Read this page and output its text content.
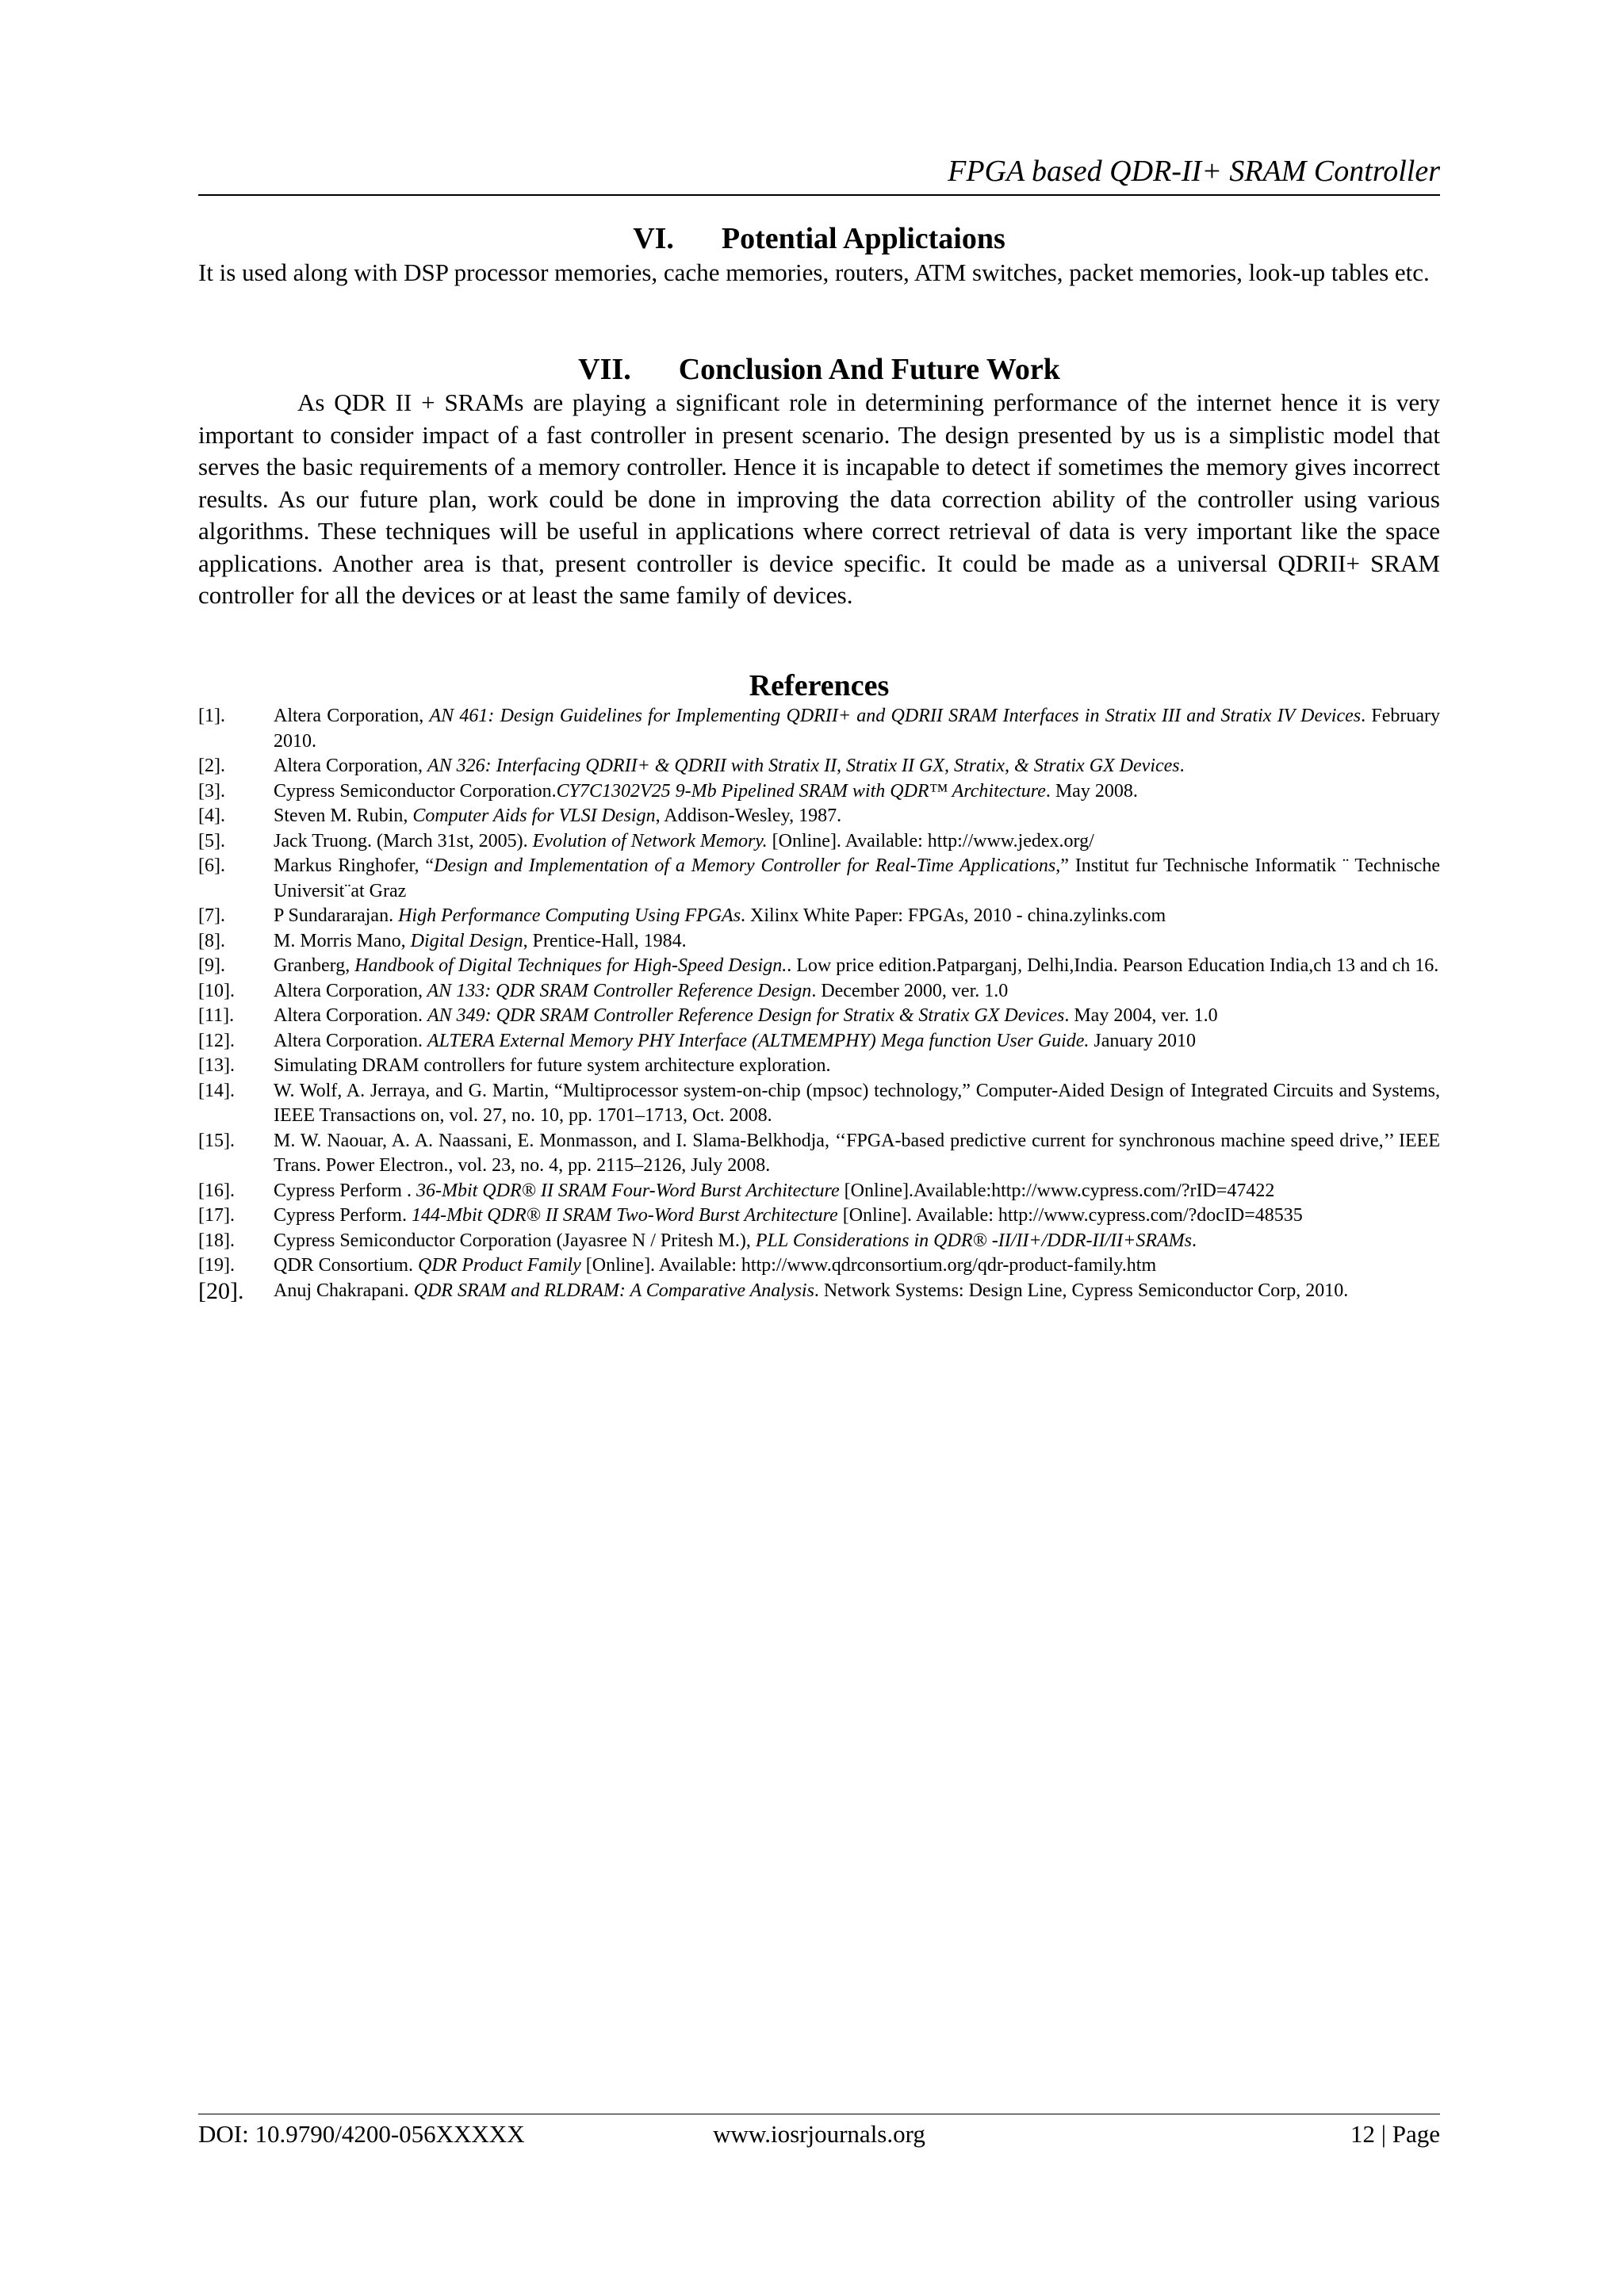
FPGA based QDR-II+ SRAM Controller
VI. Potential Applictaions
It is used along with DSP processor memories, cache memories, routers, ATM switches, packet memories, look-up tables etc.
VII. Conclusion And Future Work
As QDR II + SRAMs are playing a significant role in determining performance of the internet hence it is very important to consider impact of a fast controller in present scenario. The design presented by us is a simplistic model that serves the basic requirements of a memory controller. Hence it is incapable to detect if sometimes the memory gives incorrect results. As our future plan, work could be done in improving the data correction ability of the controller using various algorithms. These techniques will be useful in applications where correct retrieval of data is very important like the space applications. Another area is that, present controller is device specific. It could be made as a universal QDRII+ SRAM controller for all the devices or at least the same family of devices.
References
[1].	Altera Corporation, AN 461: Design Guidelines for Implementing QDRII+ and QDRII SRAM Interfaces in Stratix III and Stratix IV Devices. February 2010.
[2].	Altera Corporation, AN 326: Interfacing QDRII+ & QDRII with Stratix II, Stratix II GX, Stratix, & Stratix GX Devices.
[3].	Cypress Semiconductor Corporation.CY7C1302V25 9-Mb Pipelined SRAM with QDR™ Architecture. May 2008.
[4].	Steven M. Rubin, Computer Aids for VLSI Design, Addison-Wesley, 1987.
[5].	Jack Truong. (March 31st, 2005). Evolution of Network Memory. [Online]. Available: http://www.jedex.org/
[6].	Markus Ringhofer, “Design and Implementation of a Memory Controller for Real-Time Applications,” Institut fur Technische Informatik ¨ Technische Universit¨at Graz
[7].	P Sundararajan. High Performance Computing Using FPGAs. Xilinx White Paper: FPGAs, 2010 - china.zylinks.com
[8].	M. Morris Mano, Digital Design, Prentice-Hall, 1984.
[9].	Granberg, Handbook of Digital Techniques for High-Speed Design.. Low price edition.Patparganj, Delhi,India. Pearson Education India,ch 13 and ch 16.
[10].	Altera Corporation, AN 133: QDR SRAM Controller Reference Design. December 2000, ver. 1.0
[11].	Altera Corporation. AN 349: QDR SRAM Controller Reference Design for Stratix & Stratix GX Devices. May 2004, ver. 1.0
[12].	Altera Corporation. ALTERA External Memory PHY Interface (ALTMEMPHY) Mega function User Guide. January 2010
[13].	Simulating DRAM controllers for future system architecture exploration.
[14].	W. Wolf, A. Jerraya, and G. Martin, “Multiprocessor system-on-chip (mpsoc) technology,” Computer-Aided Design of Integrated Circuits and Systems, IEEE Transactions on, vol. 27, no. 10, pp. 1701–1713, Oct. 2008.
[15].	M. W. Naouar, A. A. Naassani, E. Monmasson, and I. Slama-Belkhodja, ‘‘FPGA-based predictive current for synchronous machine speed drive,’’ IEEE Trans. Power Electron., vol. 23, no. 4, pp. 2115–2126, July 2008.
[16].	Cypress Perform . 36-Mbit QDR® II SRAM Four-Word Burst Architecture [Online].Available:http://www.cypress.com/?rID=47422
[17].	Cypress Perform. 144-Mbit QDR® II SRAM Two-Word Burst Architecture [Online]. Available: http://www.cypress.com/?docID=48535
[18].	Cypress Semiconductor Corporation (Jayasree N / Pritesh M.), PLL Considerations in QDR® -II/II+/DDR-II/II+SRAMs.
[19].	QDR Consortium. QDR Product Family [Online]. Available: http://www.qdrconsortium.org/qdr-product-family.htm
[20].	Anuj Chakrapani. QDR SRAM and RLDRAM: A Comparative Analysis. Network Systems: Design Line, Cypress Semiconductor Corp, 2010.
DOI: 10.9790/4200-056XXXXX	www.iosrjournals.org	12 | Page
